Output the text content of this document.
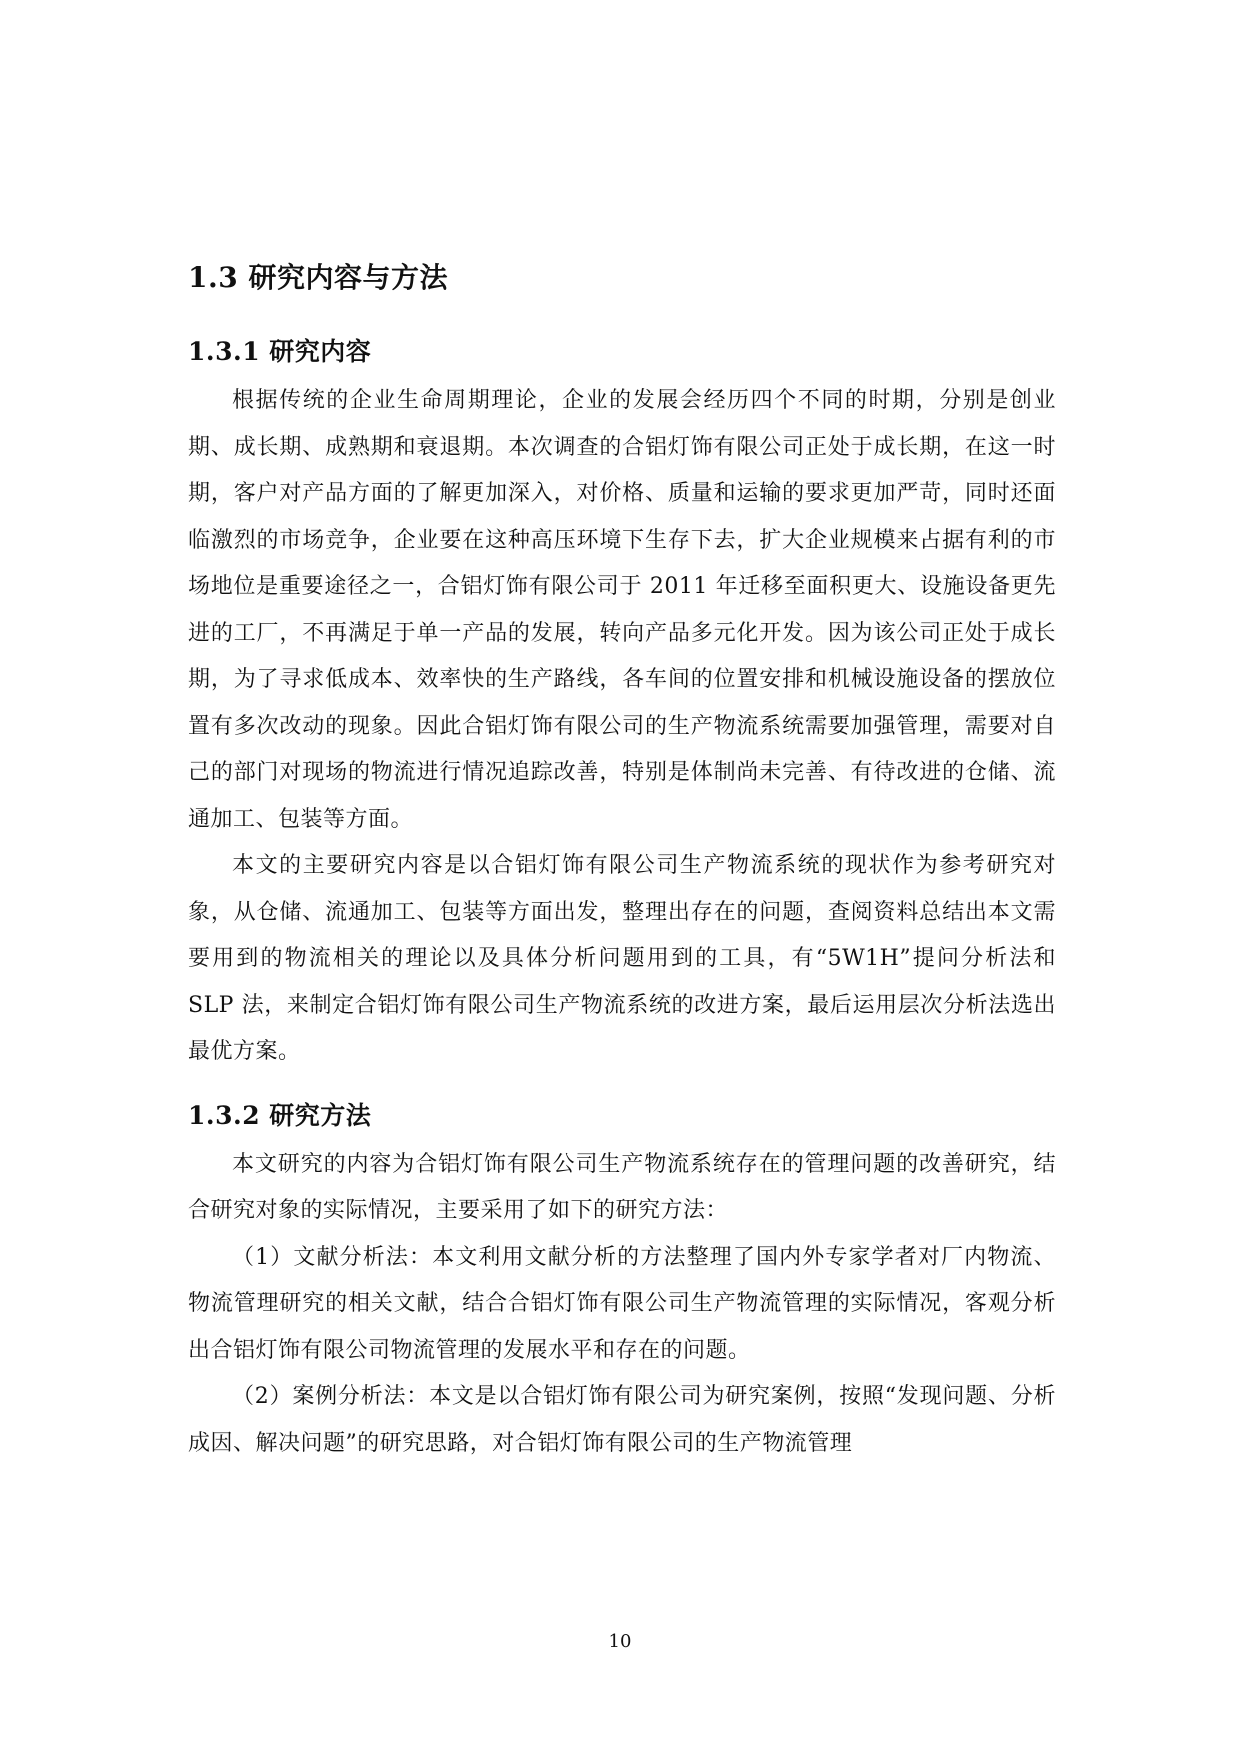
1.3 研究内容与方法
1.3.1 研究内容

根据传统的企业生命周期理论，企业的发展会经历四个不同的时期，分别是创业期、成长期、成熟期和衰退期。本次调查的合铝灯饰有限公司正处于成长期，在这一时期，客户对产品方面的了解更加深入，对价格、质量和运输的要求更加严苛，同时还面临激烈的市场竞争，企业要在这种高压环境下生存下去，扩大企业规模来占据有利的市场地位是重要途径之一，合铝灯饰有限公司于 2011 年迁移至面积更大、设施设备更先进的工厂，不再满足于单一产品的发展，转向产品多元化开发。因为该公司正处于成长期，为了寻求低成本、效率快的生产路线，各车间的位置安排和机械设施设备的摆放位置有多次改动的现象。因此合铝灯饰有限公司的生产物流系统需要加强管理，需要对自己的部门对现场的物流进行情况追踪改善，特别是体制尚未完善、有待改进的仓储、流通加工、包装等方面。

本文的主要研究内容是以合铝灯饰有限公司生产物流系统的现状作为参考研究对象，从仓储、流通加工、包装等方面出发，整理出存在的问题，查阅资料总结出本文需要用到的物流相关的理论以及具体分析问题用到的工具，有“5W1H”提问分析法和 SLP 法，来制定合铝灯饰有限公司生产物流系统的改进方案，最后运用层次分析法选出最优方案。

1.3.2 研究方法

本文研究的内容为合铝灯饰有限公司生产物流系统存在的管理问题的改善研究，结合研究对象的实际情况，主要采用了如下的研究方法：

（1）文献分析法：本文利用文献分析的方法整理了国内外专家学者对厂内物流、物流管理研究的相关文献，结合合铝灯饰有限公司生产物流管理的实际情况，客观分析出合铝灯饰有限公司物流管理的发展水平和存在的问题。

（2）案例分析法：本文是以合铝灯饰有限公司为研究案例，按照“发现问题、分析成因、解决问题”的研究思路，对合铝灯饰有限公司的生产物流管理

10
